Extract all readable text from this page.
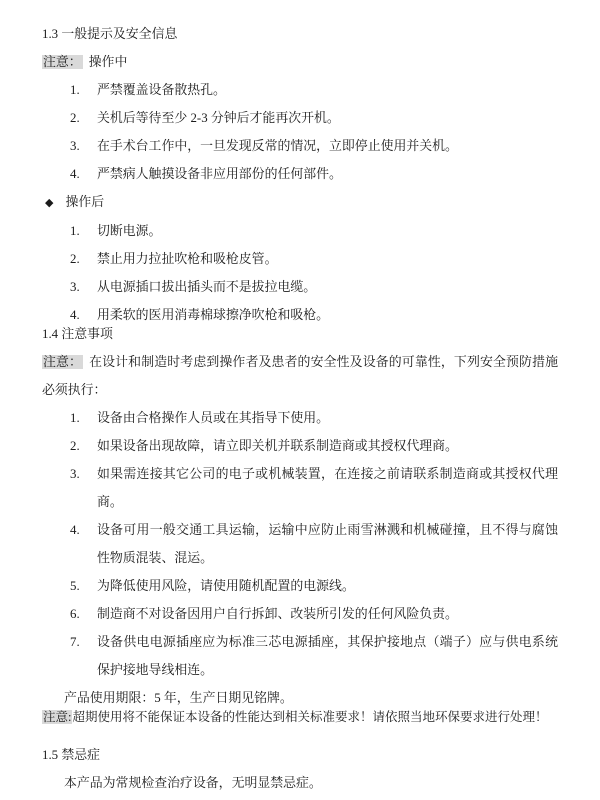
1.3 一般提示及安全信息
注意： 操作中
1.	严禁覆盖设备散热孔。
2.	关机后等待至少 2-3 分钟后才能再次开机。
3.	在手术台工作中，一旦发现反常的情况，立即停止使用并关机。
4.	严禁病人触摸设备非应用部份的任何部件。
◆ 操作后
1.	切断电源。
2.	禁止用力拉扯吹枪和吸枪皮管。
3.	从电源插口拔出插头而不是拔拉电缆。
4.	用柔软的医用消毒棉球擦净吹枪和吸枪。
1.4 注意事项
注意： 在设计和制造时考虑到操作者及患者的安全性及设备的可靠性，下列安全预防措施必须执行：
1.	设备由合格操作人员或在其指导下使用。
2.	如果设备出现故障，请立即关机并联系制造商或其授权代理商。
3.	如果需连接其它公司的电子或机械装置，在连接之前请联系制造商或其授权代理商。
4.	设备可用一般交通工具运输，运输中应防止雨雪淋溅和机械碰撞，且不得与腐蚀性物质混装、混运。
5.	为降低使用风险，请使用随机配置的电源线。
6.	制造商不对设备因用户自行拆卸、改装所引发的任何风险负责。
7.	设备供电电源插座应为标准三芯电源插座，其保护接地点（端子）应与供电系统保护接地导线相连。
产品使用期限：5 年，生产日期见铭牌。
注意:超期使用将不能保证本设备的性能达到相关标准要求！请依照当地环保要求进行处理！
1.5 禁忌症
本产品为常规检查治疗设备，无明显禁忌症。
